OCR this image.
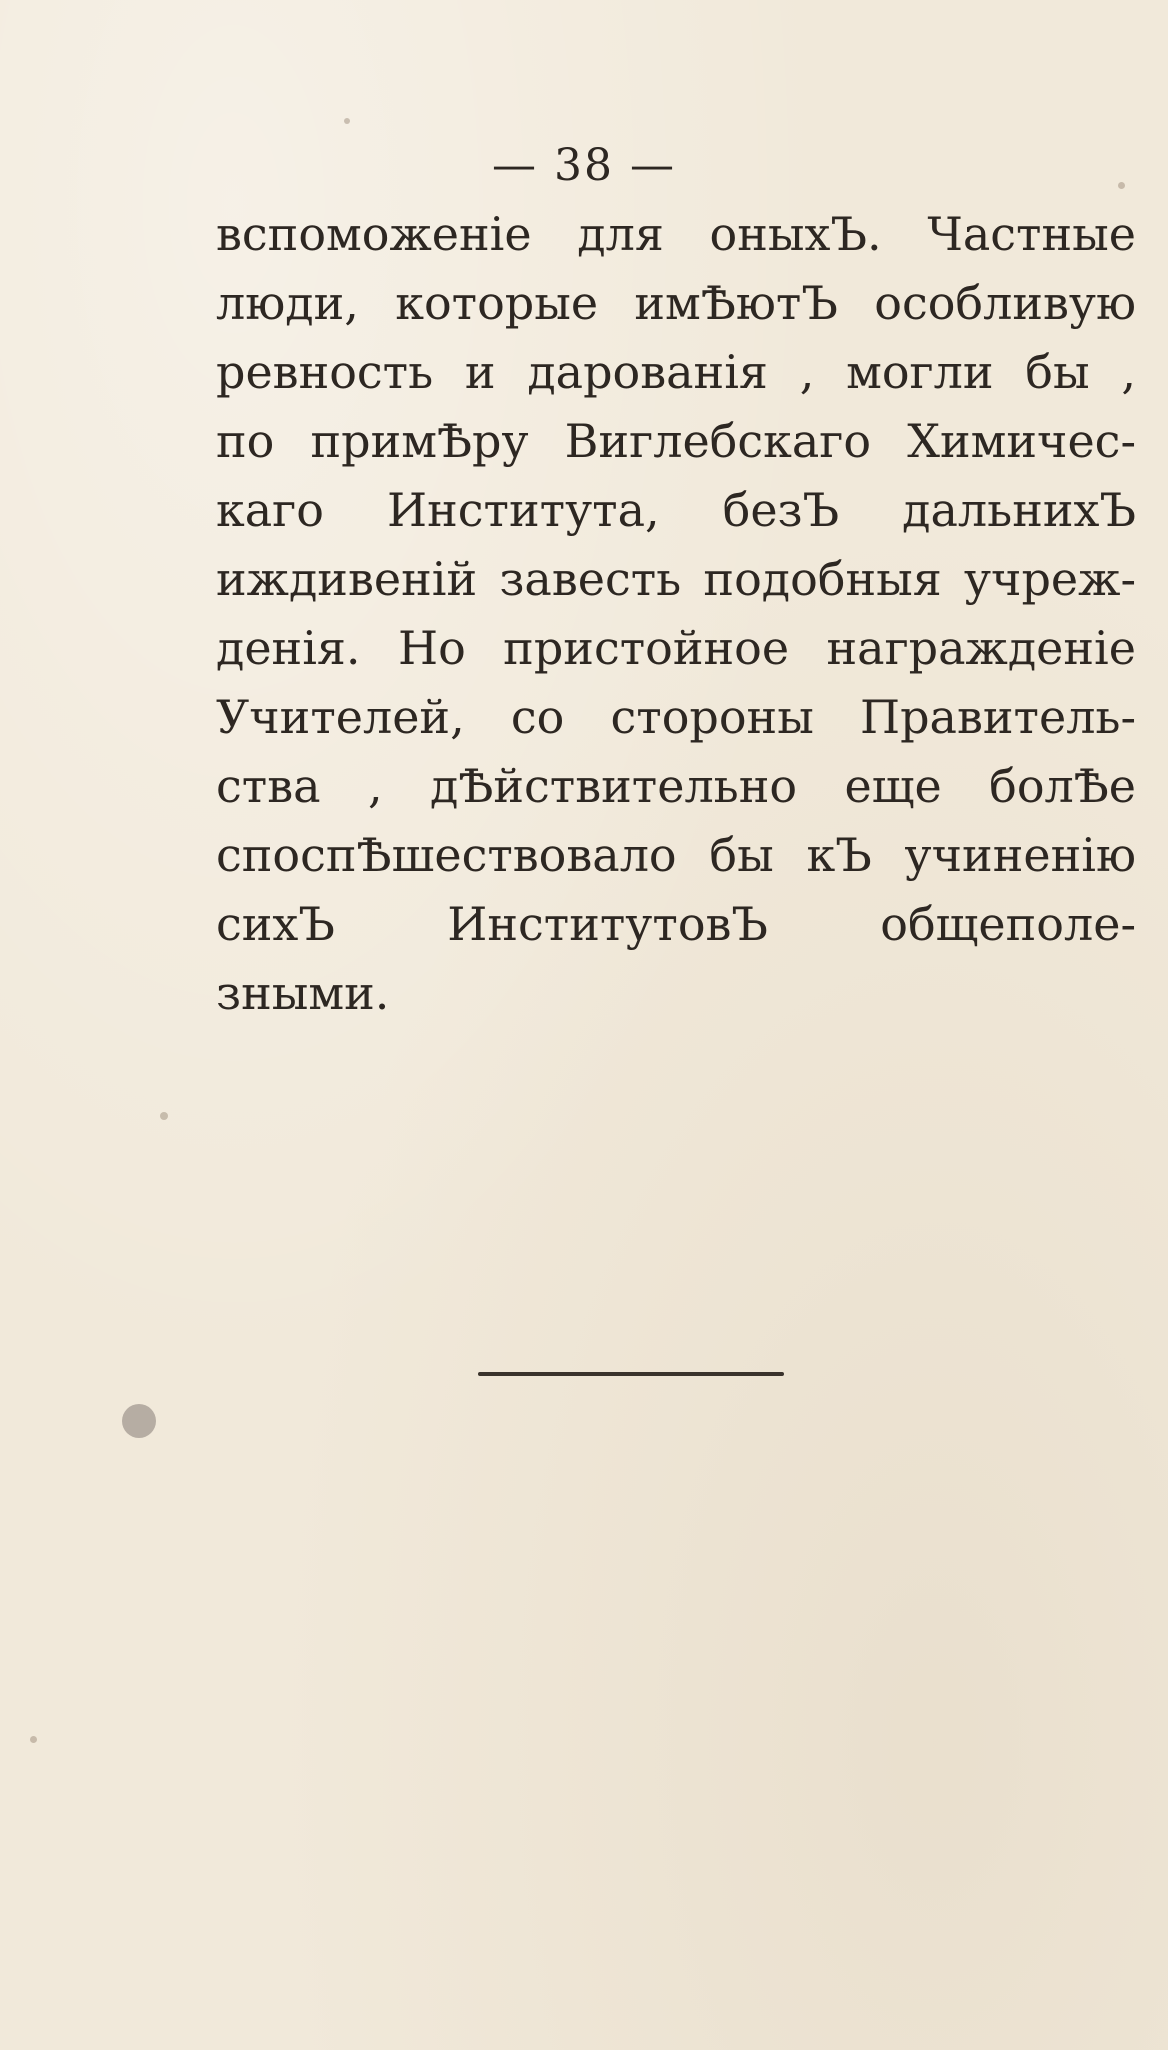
— 38 —
вспоможеніе для оныхЪ. Частные
люди, которые имѢютЪ особливую
ревность и дарованія , могли бы ,
по примѢру Виглебскаго Химичес-
каго Института, безЪ дальнихЪ
иждивеній завесть подобныя учреж-
денія. Но пристойное награжденіе
Учителей, со стороны Правитель-
ства , дѢйствительно еще болѢе
споспѢшествовало бы кЪ учиненію
сихЪ ИнститутовЪ общеполе-
зными.
